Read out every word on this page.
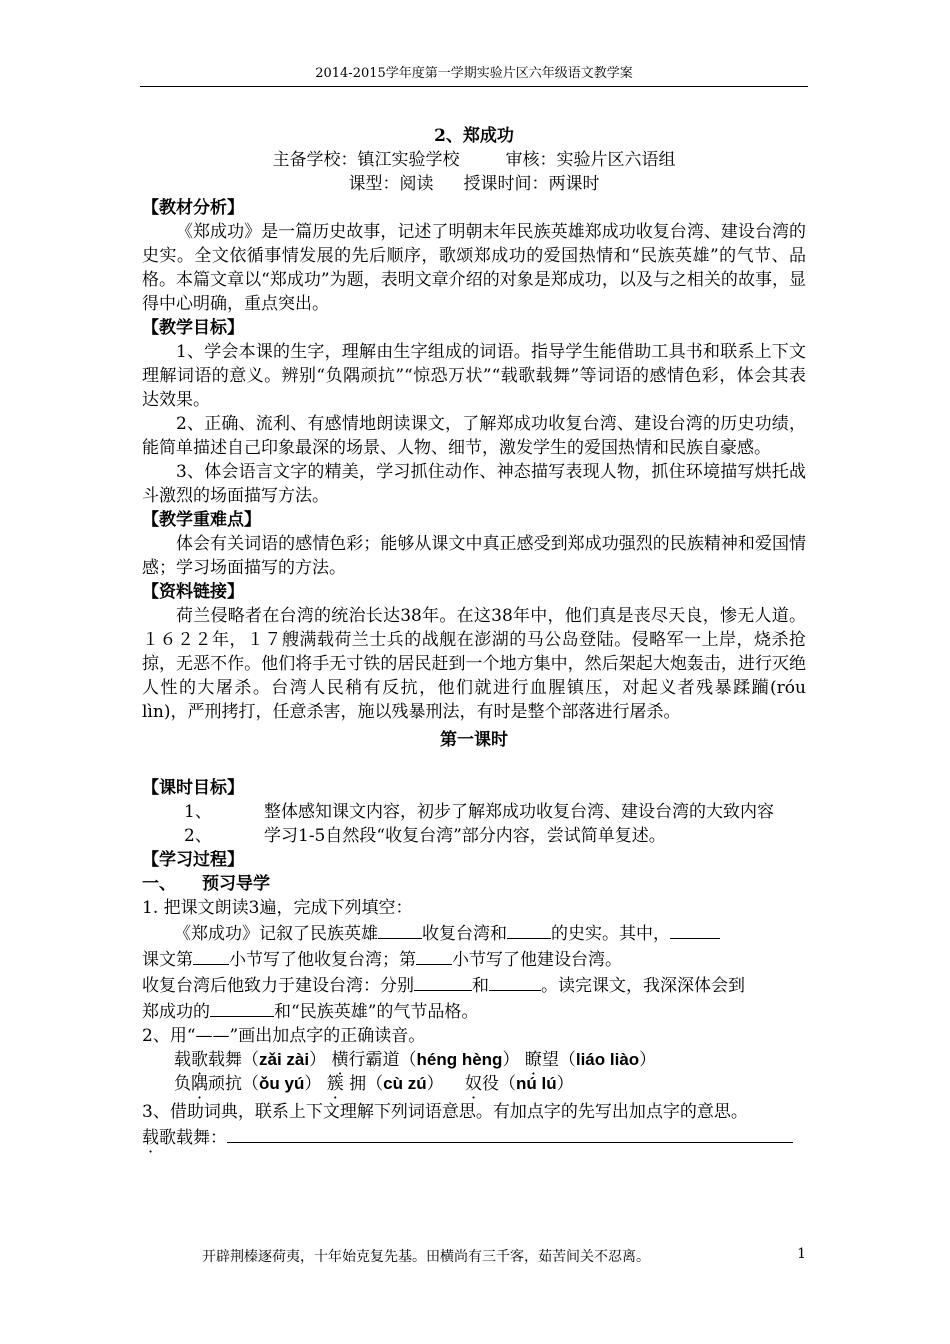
2014-2015学年度第一学期实验片区六年级语文教学案
2、郑成功
主备学校：镇江实验学校	审核：实验片区六语组
课型：阅读 授课时间：两课时
【教材分析】

《郑成功》是一篇历史故事，记述了明朝末年民族英雄郑成功收复台湾、建设台湾的史实。全文依循事情发展的先后顺序，歌颂郑成功的爱国热情和“民族英雄”的气节、品格。本篇文章以“郑成功”为题，表明文章介绍的对象是郑成功，以及与之相关的故事，显得中心明确，重点突出。

【教学目标】

1、学会本课的生字，理解由生字组成的词语。指导学生能借助工具书和联系上下文理解词语的意义。辨别“负隅顽抗”“惊恐万状”“载歌载舞”等词语的感情色彩，体会其表达效果。

2、正确、流利、有感情地朗读课文，了解郑成功收复台湾、建设台湾的历史功绩，能简单描述自己印象最深的场景、人物、细节，激发学生的爱国热情和民族自豪感。

3、体会语言文字的精美，学习抓住动作、神态描写表现人物，抓住环境描写烘托战斗激烈的场面描写方法。

【教学重难点】

体会有关词语的感情色彩；能够从课文中真正感受到郑成功强烈的民族精神和爱国情感；学习场面描写的方法。

【资料链接】

荷兰侵略者在台湾的统治长达38年。在这38年中，他们真是丧尽天良，惨无人道。１６２２年，１７艘满载荷兰士兵的战舰在澎湖的马公岛登陆。侵略军一上岸，烧杀抢掠，无恶不作。他们将手无寸铁的居民赶到一个地方集中，然后架起大炮轰击，进行灭绝人性的大屠杀。台湾人民稍有反抗，他们就进行血腥镇压，对起义者残暴蹂躏(róu lìn)，严刑拷打，任意杀害，施以残暴刑法，有时是整个部落进行屠杀。

第一课时
【课时目标】
1、	整体感知课文内容，初步了解郑成功收复台湾、建设台湾的大致内容
2、	学习1-5自然段“收复台湾”部分内容，尝试简单复述。
【学习过程】
一、 预习导学
1. 把课文朗读3遍，完成下列填空：
《郑成功》记叙了民族英雄	收复台湾和	的史实。其中，
课文第 小节写了他收复台湾；第 小节写了他建设台湾。
收复台湾后他致力于建设台湾：分别	和	。读完课文，我深深体会到
郑成功的	和“民族英雄”的气节品格。
2、用“——”画出加点字的正确读音。
载歌载舞（zǎi zài） 横行霸道（héng hèng） 瞭望（liáo liào）
负隅顽抗（ǒu yú） 簇 拥（cù zú） 奴役（nú lú）
3、借助词典，联系上下文理解下列词语意思。有加点字的先写出加点字的意思。
载歌载舞：
开辟荆榛逐荷夷，十年始克复先基。田横尚有三千客，茹苦间关不忍离。	1
